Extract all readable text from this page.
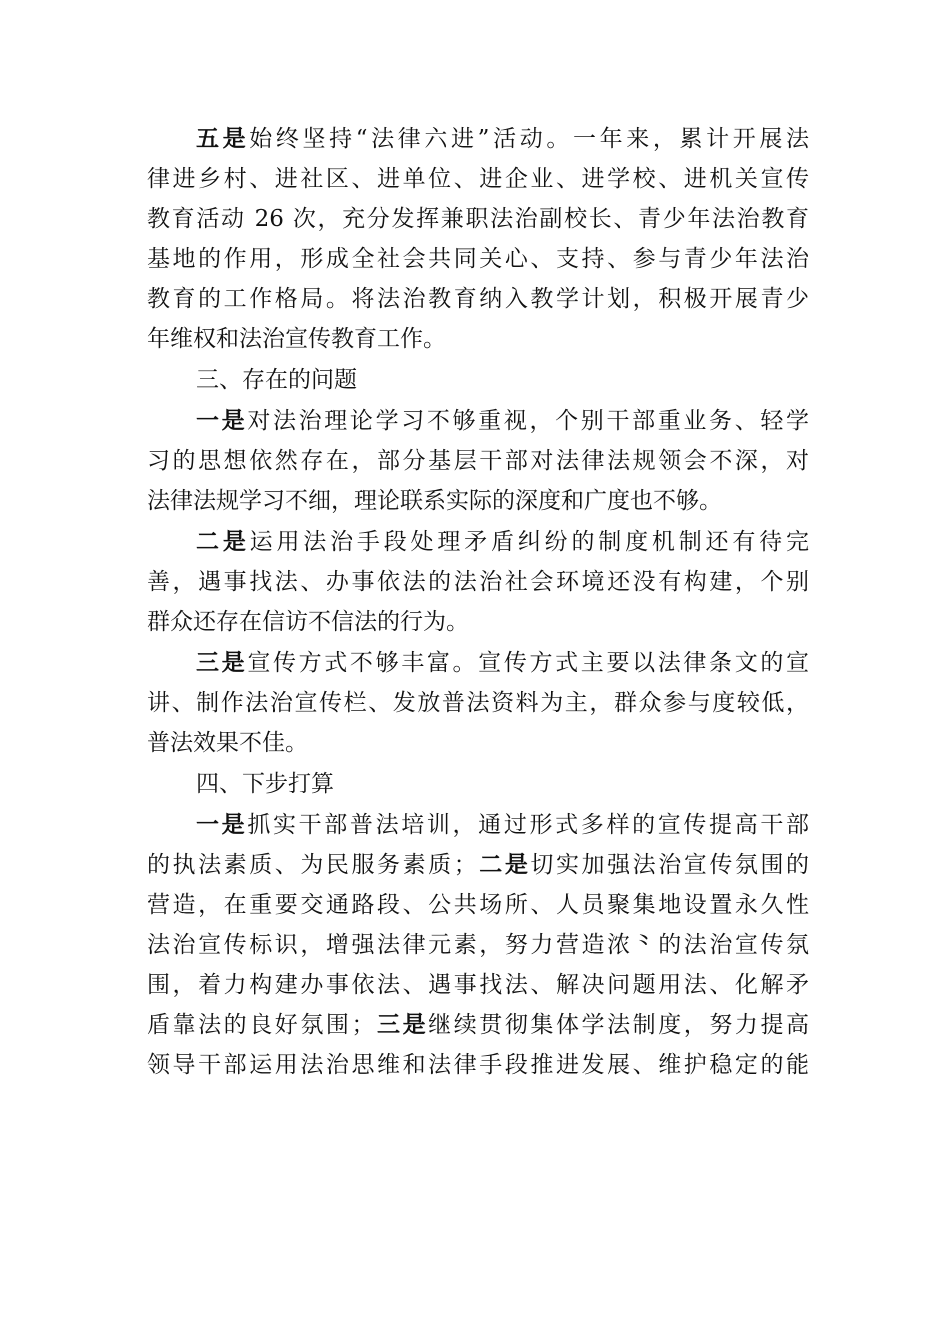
五是始终坚持“法律六进”活动。一年来，累计开展法
律进乡村、进社区、进单位、进企业、进学校、进机关宣传
教育活动 26 次，充分发挥兼职法治副校长、青少年法治教育
基地的作用，形成全社会共同关心、支持、参与青少年法治
教育的工作格局。将法治教育纳入教学计划，积极开展青少
年维权和法治宣传教育工作。
三、存在的问题
一是对法治理论学习不够重视，个别干部重业务、轻学
习的思想依然存在，部分基层干部对法律法规领会不深，对
法律法规学习不细，理论联系实际的深度和广度也不够。
二是运用法治手段处理矛盾纠纷的制度机制还有待完
善，遇事找法、办事依法的法治社会环境还没有构建，个别
群众还存在信访不信法的行为。
三是宣传方式不够丰富。宣传方式主要以法律条文的宣
讲、制作法治宣传栏、发放普法资料为主，群众参与度较低，
普法效果不佳。
四、下步打算
一是抓实干部普法培训，通过形式多样的宣传提高干部
的执法素质、为民服务素质；二是切实加强法治宣传氛围的
营造，在重要交通路段、公共场所、人员聚集地设置永久性
法治宣传标识，增强法律元素，努力营造浓⺀的法治宣传氛
围，着力构建办事依法、遇事找法、解决问题用法、化解矛
盾靠法的良好氛围；三是继续贯彻集体学法制度，努力提高
领导干部运用法治思维和法律手段推进发展、维护稳定的能
